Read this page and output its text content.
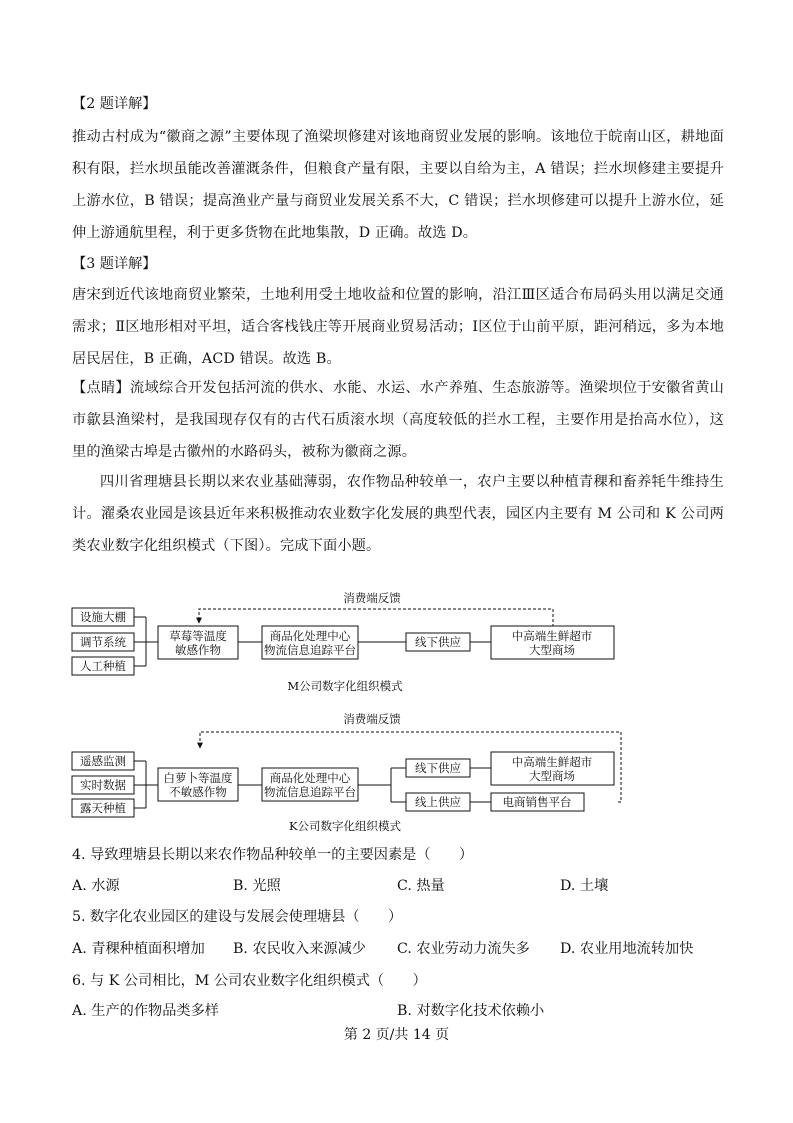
【2 题详解】

推动古村成为“徽商之源”主要体现了渔梁坝修建对该地商贸业发展的影响。该地位于皖南山区，耕地面积有限，拦水坝虽能改善灌溉条件，但粮食产量有限，主要以自给为主，A 错误；拦水坝修建主要提升上游水位，B 错误；提高渔业产量与商贸业发展关系不大，C 错误；拦水坝修建可以提升上游水位，延伸上游通航里程，利于更多货物在此地集散，D 正确。故选 D。

【3 题详解】

唐宋到近代该地商贸业繁荣，土地利用受土地收益和位置的影响，沿江Ⅲ区适合布局码头用以满足交通需求；Ⅱ区地形相对平坦，适合客栈钱庄等开展商业贸易活动；Ⅰ区位于山前平原，距河稍远，多为本地居民居住，B 正确，ACD 错误。故选 B。

【点睛】流域综合开发包括河流的供水、水能、水运、水产养殖、生态旅游等。渔梁坝位于安徽省黄山市歙县渔梁村，是我国现存仅有的古代石质滚水坝（高度较低的拦水工程，主要作用是抬高水位），这里的渔梁古埠是古徽州的水路码头，被称为徽商之源。

四川省理塘县长期以来农业基础薄弱，农作物品种较单一，农户主要以种植青稞和畜养牦牛维持生计。濯桑农业园是该县近年来积极推动农业数字化发展的典型代表，园区内主要有 M 公司和 K 公司两类农业数字化组织模式（下图）。完成下面小题。

消费端反馈
设施大棚
调节系统
人工种植
草莓等温度
敏感作物
商品化处理中心
物流信息追踪平台
线下供应	中高端生鲜超市
大型商场
M公司数字化组织模式
消费端反馈
遥感监测
实时数据
露天种植
白萝卜等温度
不敏感作物
商品化处理中心
物流信息追踪平台
线下供应
线上供应
中高端生鲜超市
大型商场
电商销售平台
K公司数字化组织模式
4. 导致理塘县长期以来农作物品种较单一的主要因素是（　　）
A. 水源	B. 光照	C. 热量	D. 土壤
5. 数字化农业园区的建设与发展会使理塘县（　　）
A. 青稞种植面积增加 B. 农民收入来源减少 C. 农业劳动力流失多 D. 农业用地流转加快
6. 与 K 公司相比，M 公司农业数字化组织模式（　　）
A. 生产的作物品类多样	B. 对数字化技术依赖小
第 2 页/共 14 页
